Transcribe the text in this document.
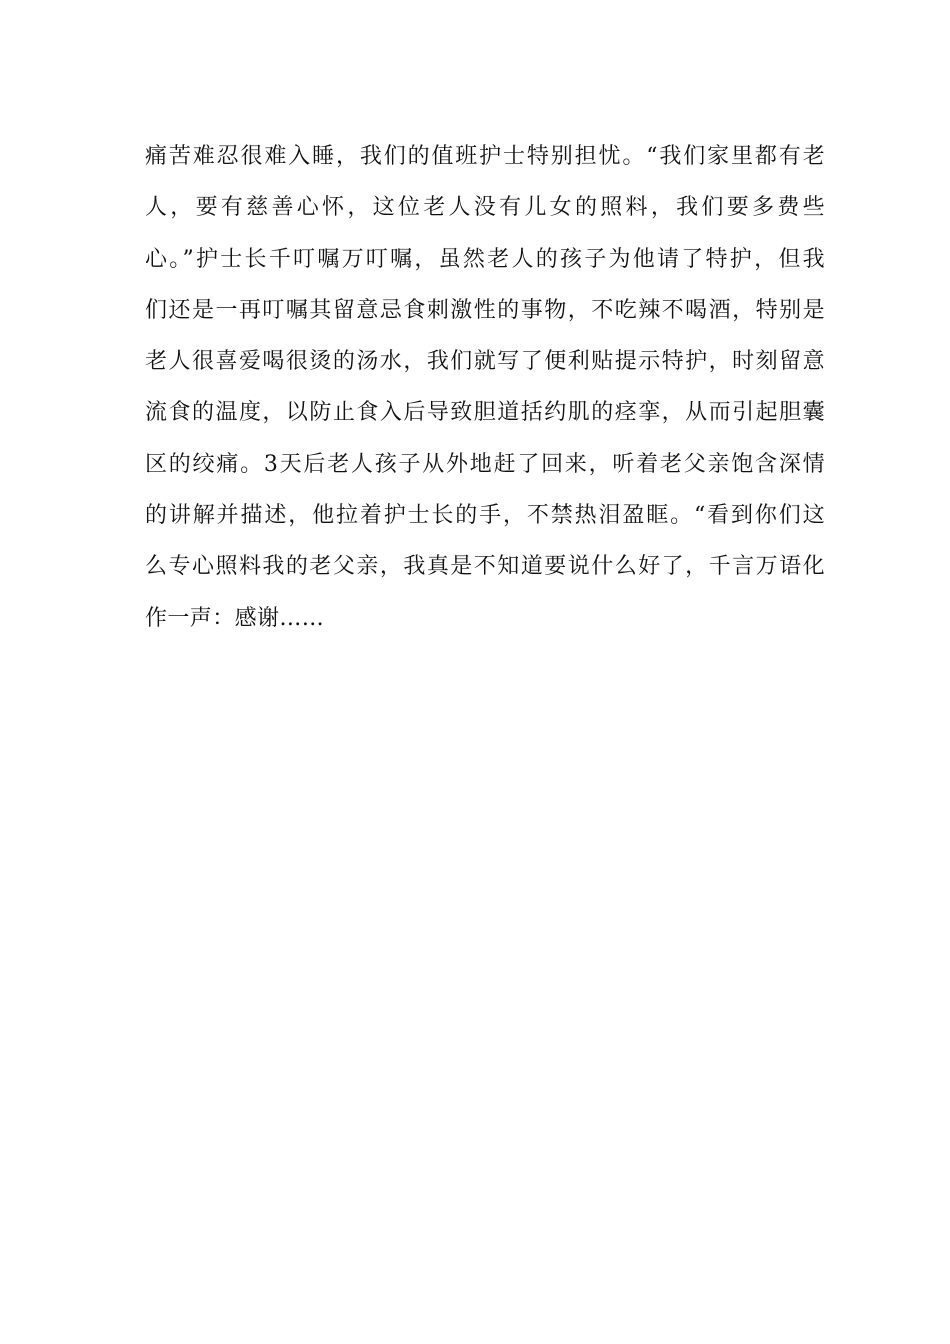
痛苦难忍很难入睡，我们的值班护士特别担忧。“我们家里都有老
人，要有慈善心怀，这位老人没有儿女的照料，我们要多费些
心。”护士长千叮嘱万叮嘱，虽然老人的孩子为他请了特护，但我
们还是一再叮嘱其留意忌食刺激性的事物，不吃辣不喝酒，特别是
老人很喜爱喝很烫的汤水，我们就写了便利贴提示特护，时刻留意
流食的温度，以防止食入后导致胆道括约肌的痉挛，从而引起胆囊
区的绞痛。3天后老人孩子从外地赶了回来，听着老父亲饱含深情
的讲解并描述，他拉着护士长的手，不禁热泪盈眶。“看到你们这
么专心照料我的老父亲，我真是不知道要说什么好了，千言万语化
作一声：感谢……
